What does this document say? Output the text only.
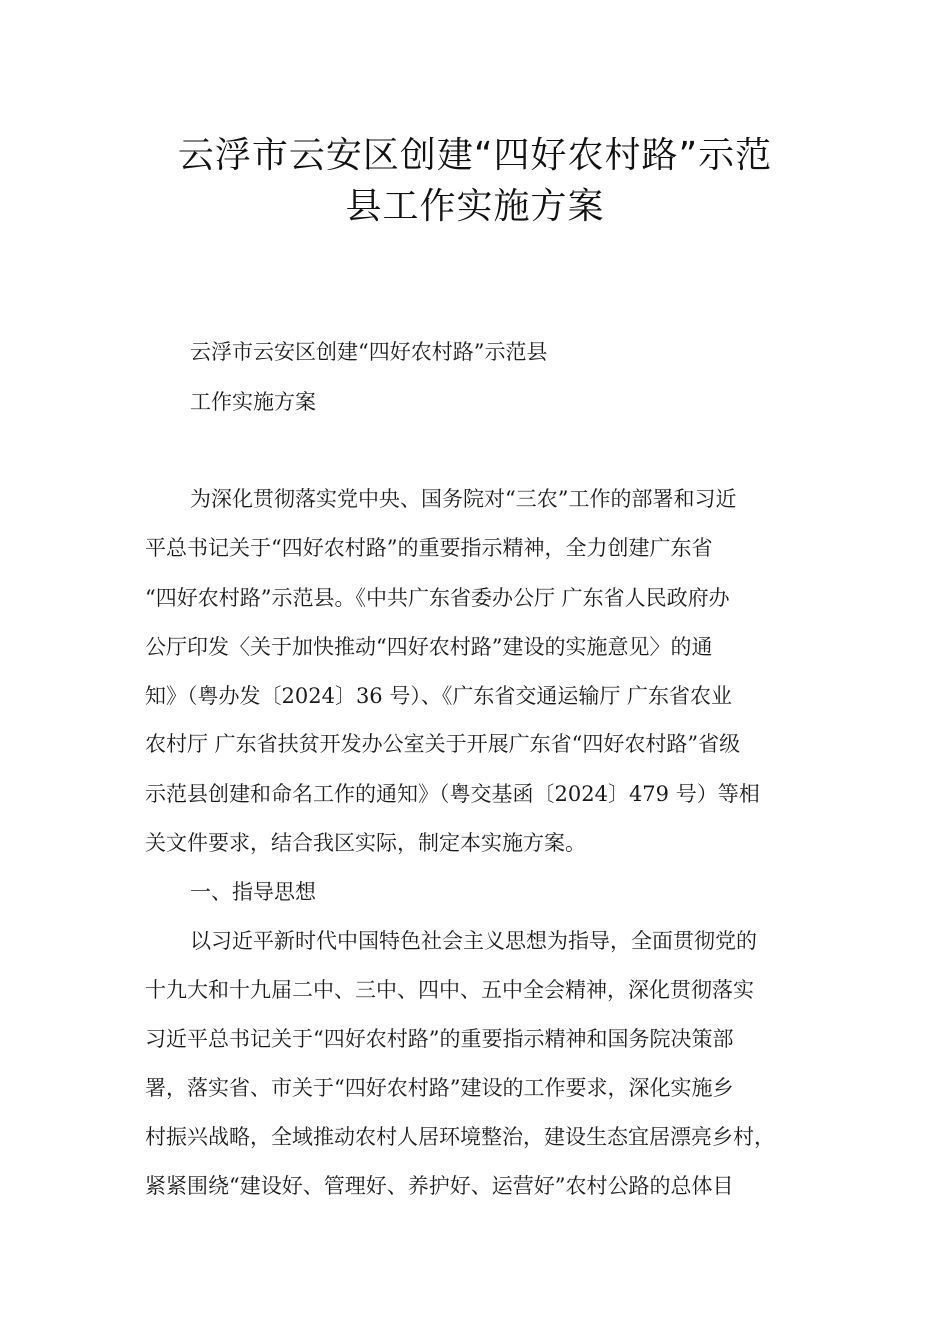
云浮市云安区创建“四好农村路”示范
县工作实施方案
云浮市云安区创建“四好农村路”示范县
工作实施方案
为深化贯彻落实党中央、国务院对“三农”工作的部署和习近
平总书记关于“四好农村路”的重要指示精神，全力创建广东省
“四好农村路”示范县。《中共广东省委办公厅 广东省人民政府办
公厅印发〈关于加快推动“四好农村路”建设的实施意见〉的通
知》（粤办发〔2024〕36 号）、《广东省交通运输厅 广东省农业
农村厅 广东省扶贫开发办公室关于开展广东省“四好农村路”省级
示范县创建和命名工作的通知》（粤交基函〔2024〕479 号）等相
关文件要求，结合我区实际，制定本实施方案。
一、指导思想
以习近平新时代中国特色社会主义思想为指导，全面贯彻党的
十九大和十九届二中、三中、四中、五中全会精神，深化贯彻落实
习近平总书记关于“四好农村路”的重要指示精神和国务院决策部
署，落实省、市关于“四好农村路”建设的工作要求，深化实施乡
村振兴战略，全域推动农村人居环境整治，建设生态宜居漂亮乡村，
紧紧围绕“建设好、管理好、养护好、运营好”农村公路的总体目
